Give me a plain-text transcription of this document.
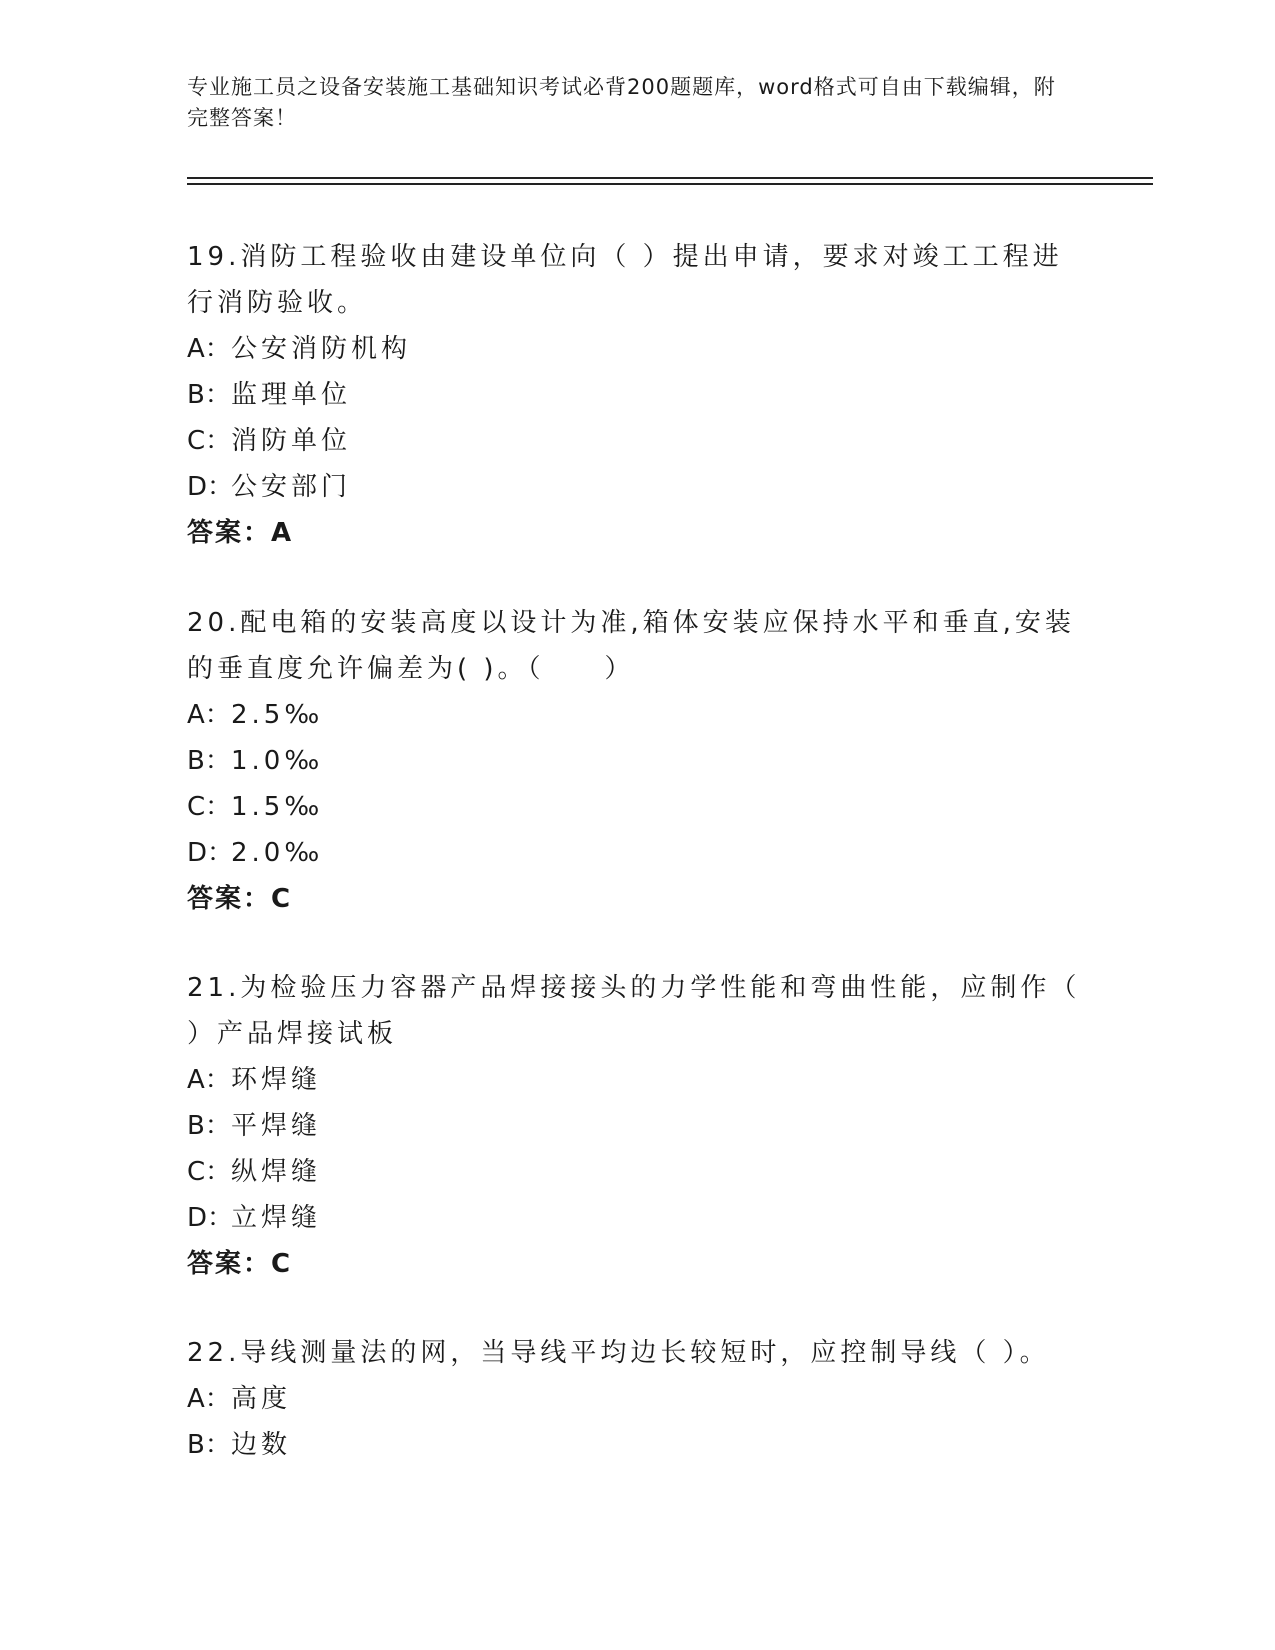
专业施工员之设备安装施工基础知识考试必背200题题库，word格式可自由下载编辑，附完整答案！

19.消防工程验收由建设单位向（ ）提出申请，要求对竣工工程进行消防验收。

A：公安消防机构

B：监理单位

C：消防单位

D：公安部门

答案：A

20.配电箱的安装高度以设计为准,箱体安装应保持水平和垂直,安装的垂直度允许偏差为( )。（　　）

A：2.5‰

B：1.0‰

C：1.5‰

D：2.0‰

答案：C

21.为检验压力容器产品焊接接头的力学性能和弯曲性能，应制作（ ）产品焊接试板

A：环焊缝

B：平焊缝

C：纵焊缝

D：立焊缝

答案：C

22.导线测量法的网，当导线平均边长较短时，应控制导线（ ）。

A：高度

B：边数
